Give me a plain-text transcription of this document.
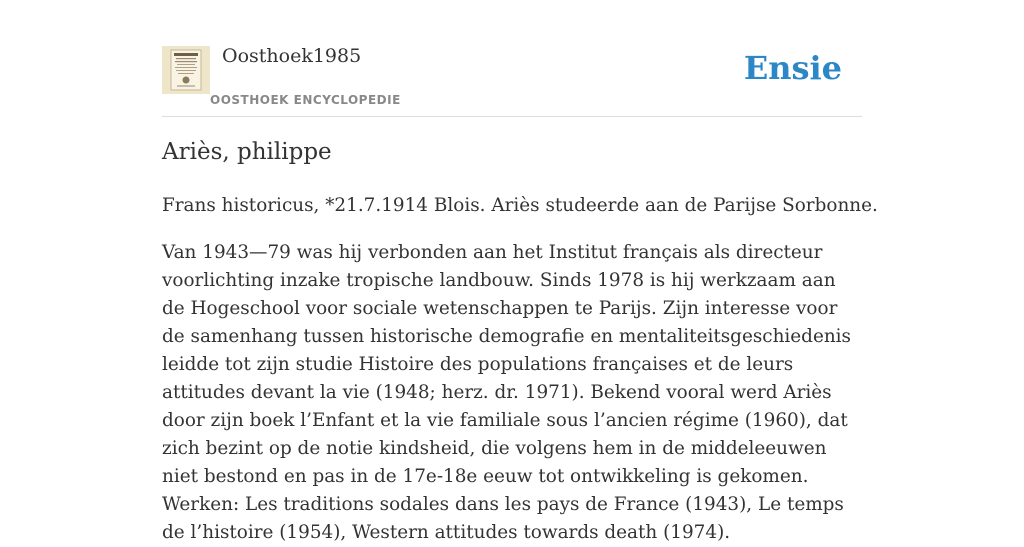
Oosthoek1985
OOSTHOEK ENCYCLOPEDIE
Ensie
Ariès, philippe

Frans historicus, *21.7.1914 Blois. Ariès studeerde aan de Parijse Sorbonne.

Van 1943—79 was hij verbonden aan het Institut français als directeur voorlichting inzake tropische landbouw. Sinds 1978 is hij werkzaam aan de Hogeschool voor sociale wetenschappen te Parijs. Zijn interesse voor de samenhang tussen historische demografie en mentaliteitsgeschiedenis leidde tot zijn studie Histoire des populations françaises et de leurs attitudes devant la vie (1948; herz. dr. 1971). Bekend vooral werd Ariès door zijn boek l’Enfant et la vie familiale sous l’ancien régime (1960), dat zich bezint op de notie kindsheid, die volgens hem in de middeleeuwen niet bestond en pas in de 17e-18e eeuw tot ontwikkeling is gekomen. Werken: Les traditions sodales dans les pays de France (1943), Le temps de l’histoire (1954), Western attitudes towards death (1974).
